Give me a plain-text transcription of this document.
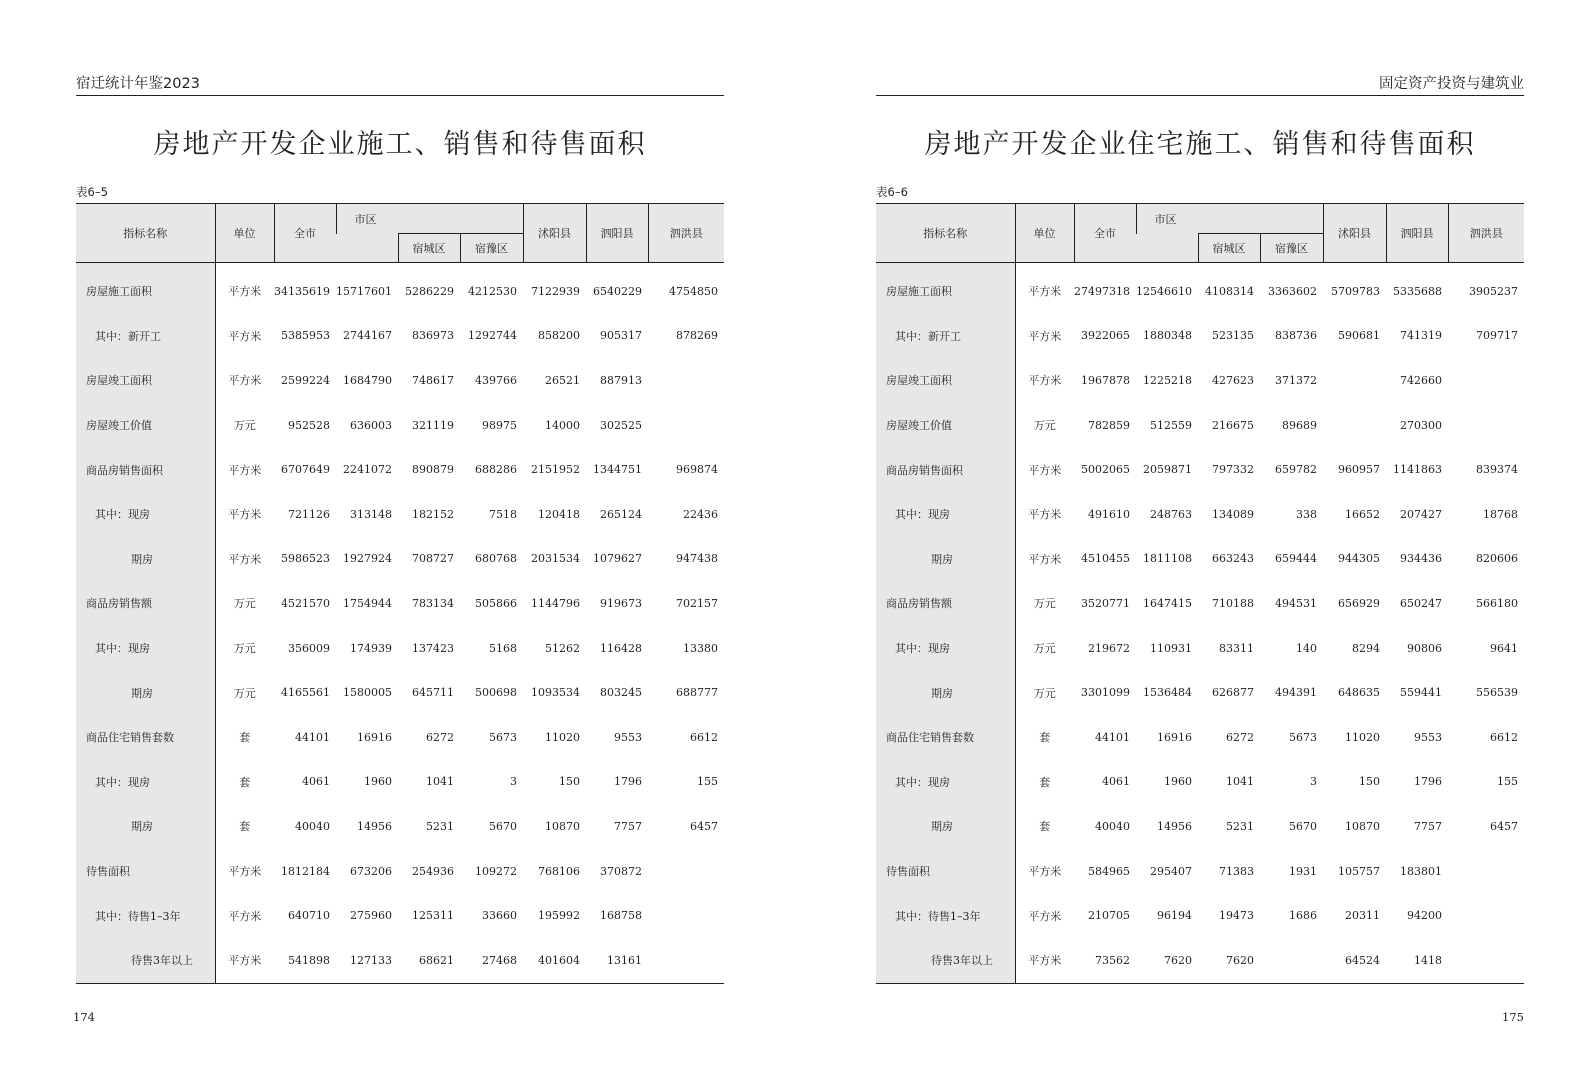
宿迁统计年鉴2023
房地产开发企业施工、销售和待售面积
表6–5
指标名称	单位	全市	市区			沭阳县	泗阳县	泗洪县
				宿城区	宿豫区			
房屋施工面积	平方米	34135619	15717601	5286229	4212530	7122939	6540229	4754850
其中：新开工	平方米	5385953	2744167	836973	1292744	858200	905317	878269
房屋竣工面积	平方米	2599224	1684790	748617	439766	26521	887913	
房屋竣工价值	万元	952528	636003	321119	98975	14000	302525	
商品房销售面积	平方米	6707649	2241072	890879	688286	2151952	1344751	969874
其中：现房	平方米	721126	313148	182152	7518	120418	265124	22436
期房	平方米	5986523	1927924	708727	680768	2031534	1079627	947438
商品房销售额	万元	4521570	1754944	783134	505866	1144796	919673	702157
其中：现房	万元	356009	174939	137423	5168	51262	116428	13380
期房	万元	4165561	1580005	645711	500698	1093534	803245	688777
商品住宅销售套数	套	44101	16916	6272	5673	11020	9553	6612
其中：现房	套	4061	1960	1041	3	150	1796	155
期房	套	40040	14956	5231	5670	10870	7757	6457
待售面积	平方米	1812184	673206	254936	109272	768106	370872	
其中：待售1–3年	平方米	640710	275960	125311	33660	195992	168758	
待售3年以上	平方米	541898	127133	68621	27468	401604	13161	
174
固定资产投资与建筑业
房地产开发企业住宅施工、销售和待售面积
表6–6
指标名称	单位	全市	市区			沭阳县	泗阳县	泗洪县
				宿城区	宿豫区			
房屋施工面积	平方米	27497318	12546610	4108314	3363602	5709783	5335688	3905237
其中：新开工	平方米	3922065	1880348	523135	838736	590681	741319	709717
房屋竣工面积	平方米	1967878	1225218	427623	371372		742660	
房屋竣工价值	万元	782859	512559	216675	89689		270300	
商品房销售面积	平方米	5002065	2059871	797332	659782	960957	1141863	839374
其中：现房	平方米	491610	248763	134089	338	16652	207427	18768
期房	平方米	4510455	1811108	663243	659444	944305	934436	820606
商品房销售额	万元	3520771	1647415	710188	494531	656929	650247	566180
其中：现房	万元	219672	110931	83311	140	8294	90806	9641
期房	万元	3301099	1536484	626877	494391	648635	559441	556539
商品住宅销售套数	套	44101	16916	6272	5673	11020	9553	6612
其中：现房	套	4061	1960	1041	3	150	1796	155
期房	套	40040	14956	5231	5670	10870	7757	6457
待售面积	平方米	584965	295407	71383	1931	105757	183801	
其中：待售1–3年	平方米	210705	96194	19473	1686	20311	94200	
待售3年以上	平方米	73562	7620	7620		64524	1418	
175
